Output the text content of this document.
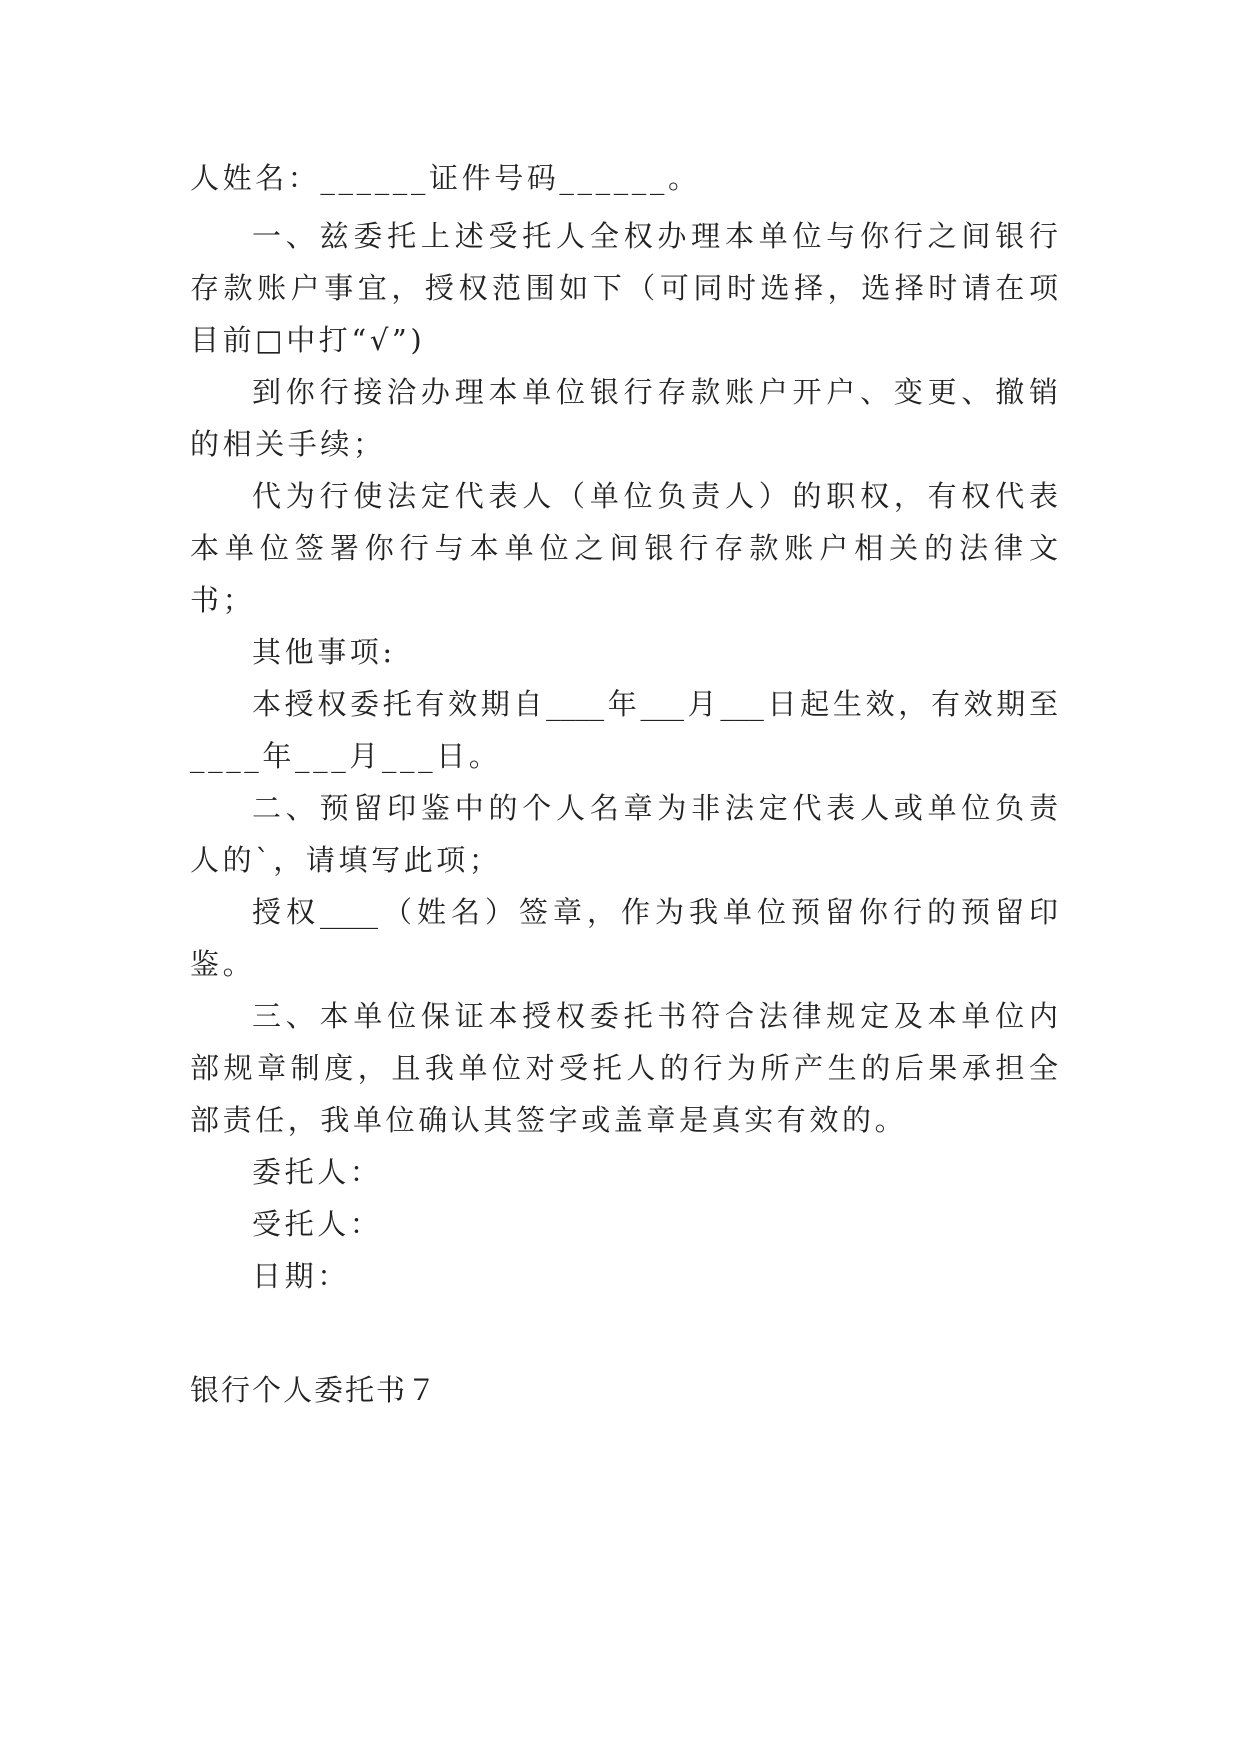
人姓名：______证件号码______。
一、兹委托上述受托人全权办理本单位与你行之间银行
存款账户事宜，授权范围如下（可同时选择，选择时请在项
目前□中打“√”)
到你行接洽办理本单位银行存款账户开户、变更、撤销
的相关手续；
代为行使法定代表人（单位负责人）的职权，有权代表
本单位签署你行与本单位之间银行存款账户相关的法律文
书；
其他事项:
本授权委托有效期自____年___月___日起生效，有效期至
____年___月___日。
二、预留印鉴中的个人名章为非法定代表人或单位负责
人的`，请填写此项；
授权____（姓名）签章，作为我单位预留你行的预留印
鉴。
三、本单位保证本授权委托书符合法律规定及本单位内
部规章制度，且我单位对受托人的行为所产生的后果承担全
部责任，我单位确认其签字或盖章是真实有效的。
委托人：
受托人：
日期：
银行个人委托书７
